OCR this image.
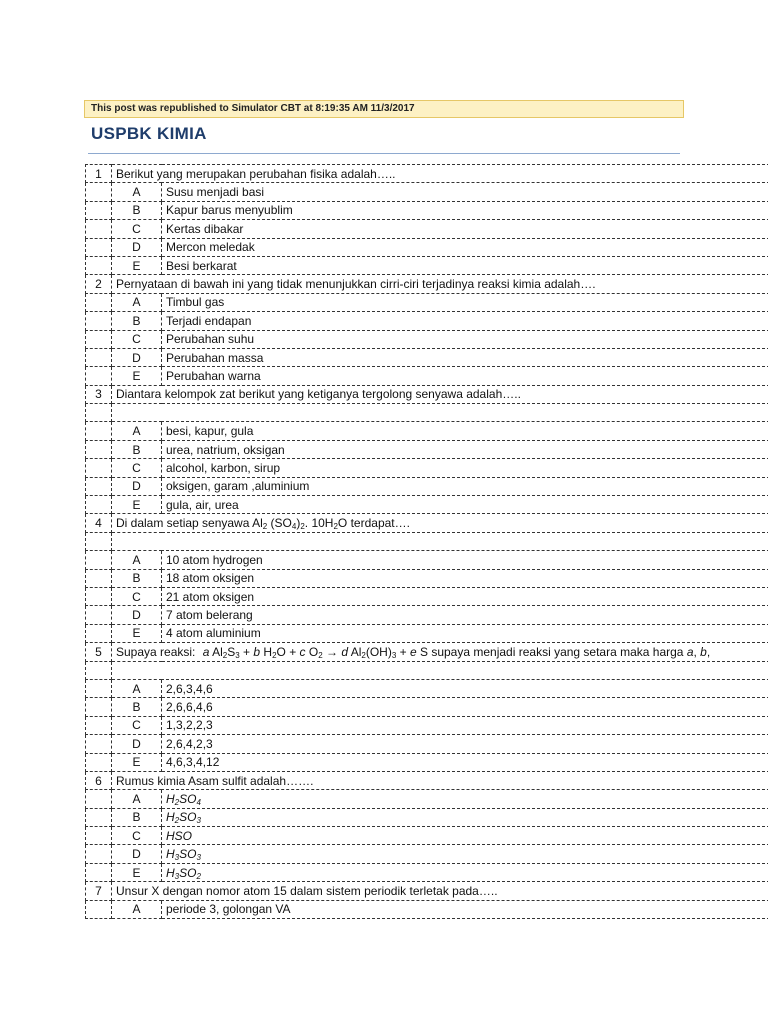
This post was republished to Simulator CBT at 8:19:35 AM 11/3/2017
USPBK KIMIA
1	Berikut yang merupakan perubahan fisika adalah…..	
	A	Susu menjadi basi
	B	Kapur barus menyublim
	C	Kertas dibakar
	D	Mercon meledak
	E	Besi berkarat
2	Pernyataan di bawah ini yang tidak menunjukkan cirri-ciri terjadinya reaksi kimia adalah….	
	A	Timbul gas
	B	Terjadi endapan
	C	Perubahan suhu
	D	Perubahan massa
	E	Perubahan warna
3	Diantara kelompok zat berikut yang ketiganya tergolong senyawa adalah…..	

	A	besi, kapur, gula
	B	urea, natrium, oksigan
	C	alcohol, karbon, sirup
	D	oksigen, garam ,aluminium
	E	gula, air, urea
4	Di dalam setiap senyawa $Al_2$ $(SO_4)_2$. $10H_2O$ terdapat….	

	A	10 atom hydrogen
	B	18 atom oksigen
	C	21 atom oksigen
	D	7 atom belerang
	E	4 atom aluminium
5	Supaya reaksi: a $Al_2S_3 + b$ $H_2O + c$ $O_2 \to d$ $Al_2(OH)_3 + e$ S supaya menjadi reaksi yang setara maka harga a, b,	

	A	2,6,3,4,6
	B	2,6,6,4,6
	C	1,3,2,2,3
	D	2,6,4,2,3
	E	4,6,3,4,12
6	Rumus kimia Asam sulfit adalah…….	
	A	$H_2SO_4$
	B	$H_2SO_3$
	C	HSO
	D	$H_3SO_3$
	E	$H_3SO_2$
7	Unsur X dengan nomor atom 15 dalam sistem periodik terletak pada…..	
	A	periode 3, golongan VA
